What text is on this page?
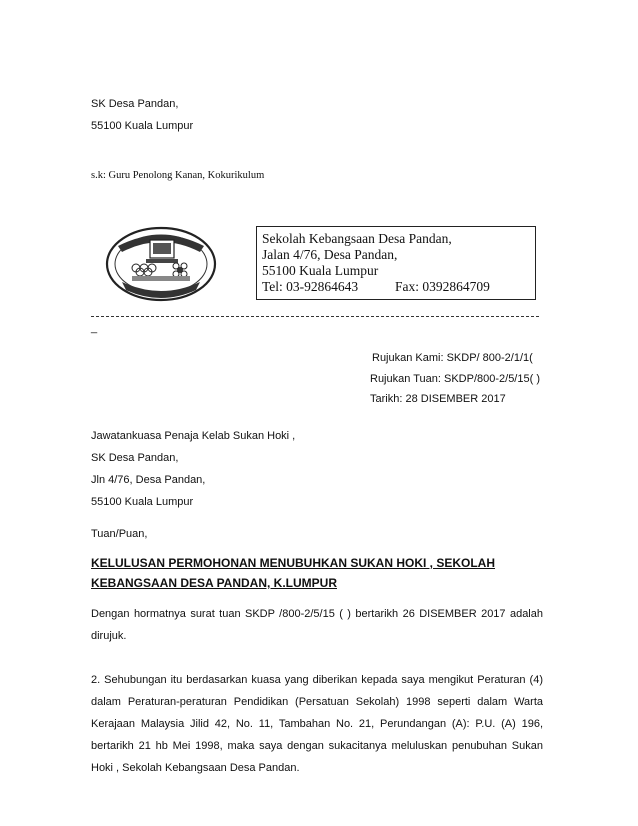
SK Desa Pandan,
55100 Kuala Lumpur
s.k: Guru Penolong Kanan, Kokurikulum
Sekolah Kebangsaan Desa Pandan,
Jalan 4/76, Desa Pandan,
55100 Kuala Lumpur
Tel: 03-92864643	Fax: 0392864709
_
Rujukan Kami: SKDP/ 800-2/1/1(
Rujukan Tuan: SKDP/800-2/5/15( )
Tarikh: 28 DISEMBER 2017
Jawatankuasa Penaja Kelab Sukan Hoki ,
SK Desa Pandan,
Jln 4/76, Desa Pandan,
55100 Kuala Lumpur
Tuan/Puan,
KELULUSAN PERMOHONAN MENUBUHKAN SUKAN HOKI , SEKOLAH
KEBANGSAAN DESA PANDAN, K.LUMPUR
Dengan hormatnya surat tuan SKDP /800-2/5/15 ( ) bertarikh 26 DISEMBER 2017 adalah dirujuk.
2. Sehubungan itu berdasarkan kuasa yang diberikan kepada saya mengikut Peraturan (4) dalam Peraturan-peraturan Pendidikan (Persatuan Sekolah) 1998 seperti dalam Warta Kerajaan Malaysia Jilid 42, No. 11, Tambahan No. 21, Perundangan (A): P.U. (A) 196, bertarikh 21 hb Mei 1998, maka saya dengan sukacitanya meluluskan penubuhan Sukan Hoki , Sekolah Kebangsaan Desa Pandan.
